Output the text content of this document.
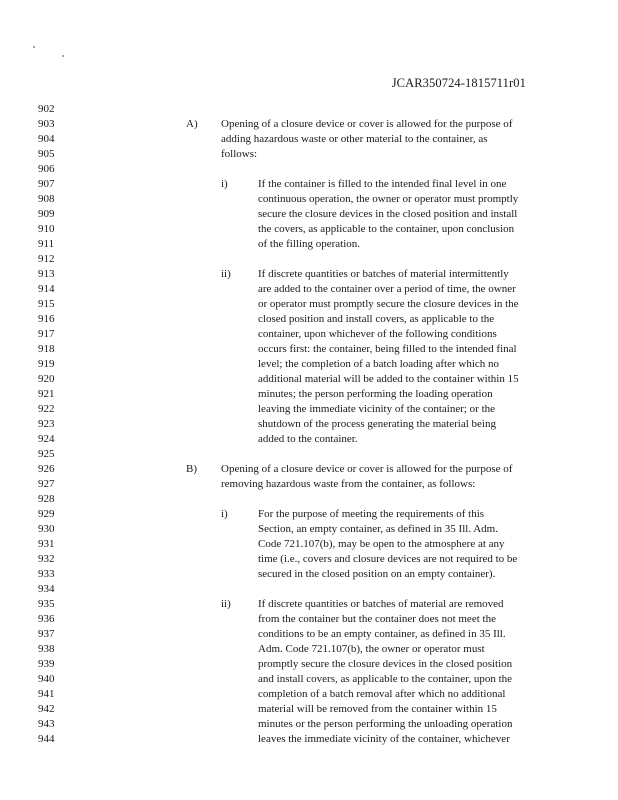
JCAR350724-1815711r01
902
903
904
905
906
907
908
909
910
911
912
913
914
915
916
917
918
919
920
921
922
923
924
925
926
927
928
929
930
931
932
933
934
935
936
937
938
939
940
941
942
943
944
A) Opening of a closure device or cover is allowed for the purpose of
adding hazardous waste or other material to the container, as
follows:
i)	If the container is filled to the intended final level in one
continuous operation, the owner or operator must promptly
secure the closure devices in the closed position and install
the covers, as applicable to the container, upon conclusion
of the filling operation.
ii) If discrete quantities or batches of material intermittently
are added to the container over a period of time, the owner
or operator must promptly secure the closure devices in the
closed position and install covers, as applicable to the
container, upon whichever of the following conditions
occurs first: the container, being filled to the intended final
level; the completion of a batch loading after which no
additional material will be added to the container within 15
minutes; the person performing the loading operation
leaving the immediate vicinity of the container; or the
shutdown of the process generating the material being
added to the container.
B) Opening of a closure device or cover is allowed for the purpose of
removing hazardous waste from the container, as follows:
i)	For the purpose of meeting the requirements of this
Section, an empty container, as defined in 35 Ill. Adm.
Code 721.107(b), may be open to the atmosphere at any
time (i.e., covers and closure devices are not required to be
secured in the closed position on an empty container).
ii) If discrete quantities or batches of material are removed
from the container but the container does not meet the
conditions to be an empty container, as defined in 35 Ill.
Adm. Code 721.107(b), the owner or operator must
promptly secure the closure devices in the closed position
and install covers, as applicable to the container, upon the
completion of a batch removal after which no additional
material will be removed from the container within 15
minutes or the person performing the unloading operation
leaves the immediate vicinity of the container, whichever
